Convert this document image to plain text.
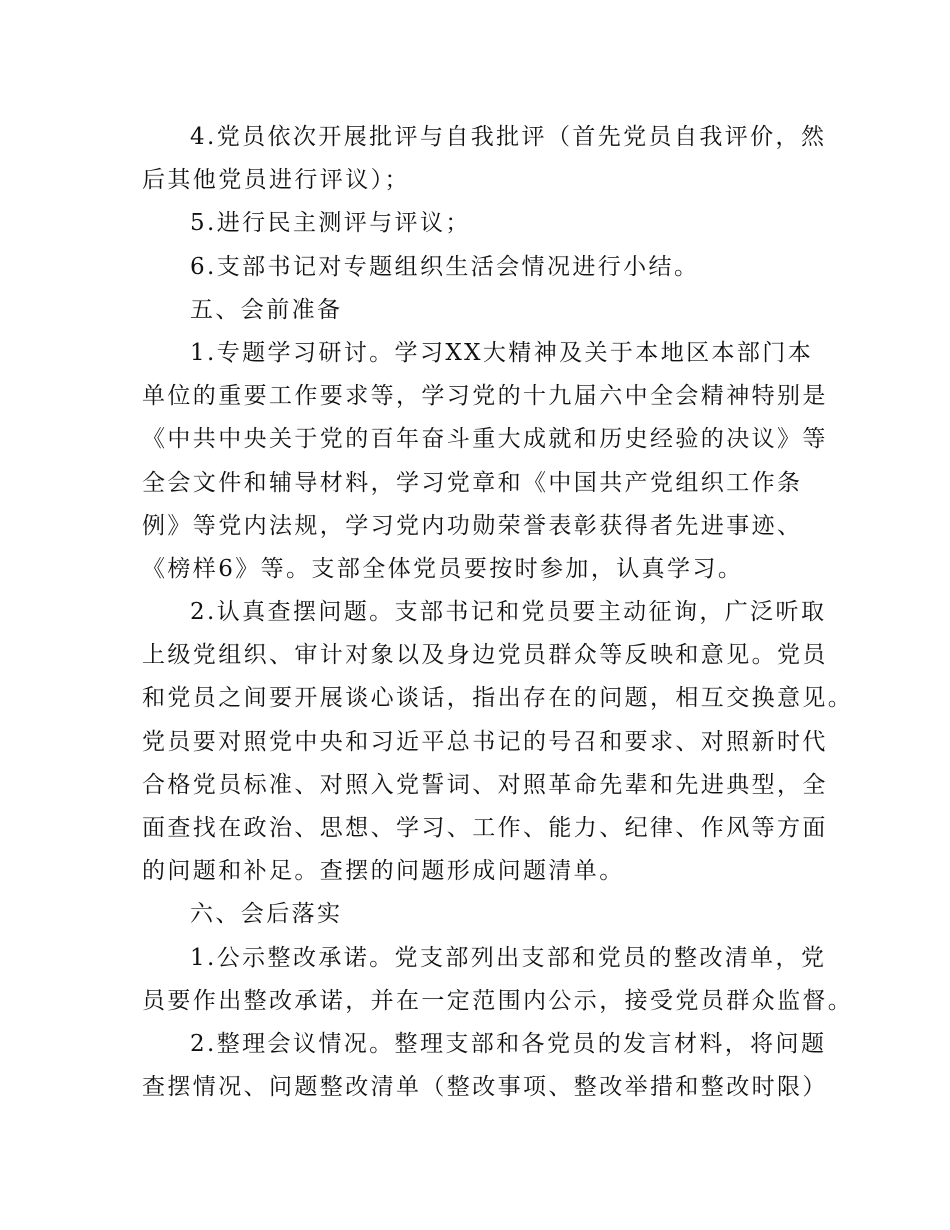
4.党员依次开展批评与自我批评（首先党员自我评价，然
后其他党员进行评议）；
5.进行民主测评与评议；
6.支部书记对专题组织生活会情况进行小结。
五、会前准备
1.专题学习研讨。学习XX大精神及关于本地区本部门本
单位的重要工作要求等，学习党的十九届六中全会精神特别是
《中共中央关于党的百年奋斗重大成就和历史经验的决议》等
全会文件和辅导材料，学习党章和《中国共产党组织工作条
例》等党内法规，学习党内功勋荣誉表彰获得者先进事迹、
《榜样6》等。支部全体党员要按时参加，认真学习。
2.认真查摆问题。支部书记和党员要主动征询，广泛听取
上级党组织、审计对象以及身边党员群众等反映和意见。党员
和党员之间要开展谈心谈话，指出存在的问题，相互交换意见。
党员要对照党中央和习近平总书记的号召和要求、对照新时代
合格党员标准、对照入党誓词、对照革命先辈和先进典型，全
面查找在政治、思想、学习、工作、能力、纪律、作风等方面
的问题和补足。查摆的问题形成问题清单。
六、会后落实
1.公示整改承诺。党支部列出支部和党员的整改清单，党
员要作出整改承诺，并在一定范围内公示，接受党员群众监督。
2.整理会议情况。整理支部和各党员的发言材料，将问题
查摆情况、问题整改清单（整改事项、整改举措和整改时限）
